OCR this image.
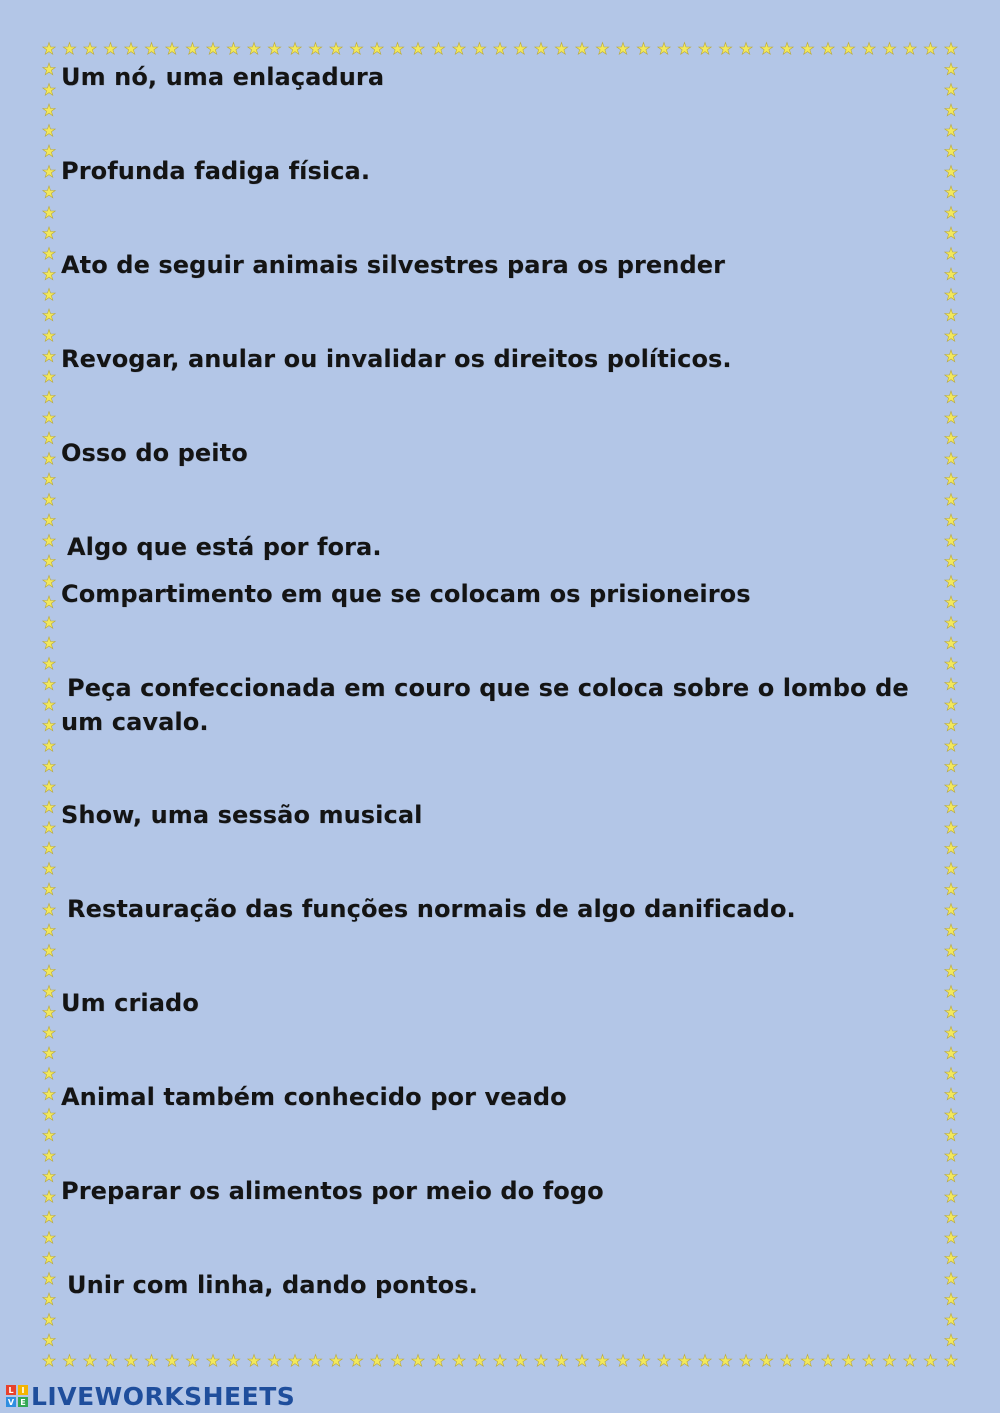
Um nó, uma enlaçadura

Profunda fadiga física.

Ato de seguir animais silvestres para os prender

Revogar, anular ou invalidar os direitos políticos.

Osso do peito

Algo que está por fora.

Compartimento em que se colocam os prisioneiros

Peça confeccionada em couro que se coloca sobre o lombo de um cavalo.

Show, uma sessão musical

Restauração das funções normais de algo danificado.

Um criado

Animal também conhecido por veado

Preparar os alimentos por meio do fogo

Unir com linha, dando pontos.

L I
V E LIVEWORKSHEETS
